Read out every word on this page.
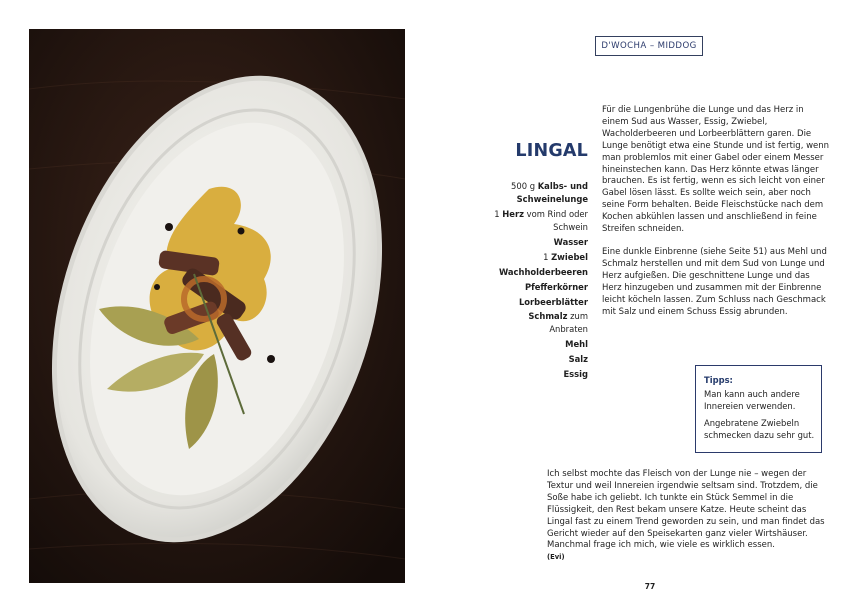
D'WOCHA – MIDDOG
LINGAL
500 g Kalbs- und Schweinelunge
1 Herz vom Rind oder Schwein
Wasser
1 Zwiebel
Wachholderbeeren
Pfefferkörner
Lorbeerblätter
Schmalz zum Anbraten
Mehl
Salz
Essig

Für die Lungenbrühe die Lunge und das Herz in einem Sud aus Wasser, Essig, Zwiebel, Wacholderbeeren und Lorbeerblättern garen. Die Lunge benötigt etwa eine Stunde und ist fertig, wenn man problemlos mit einer Gabel oder einem Messer hineinstechen kann. Das Herz könnte etwas länger brauchen. Es ist fertig, wenn es sich leicht von einer Gabel lösen lässt. Es sollte weich sein, aber noch seine Form behalten. Beide Fleischstücke nach dem Kochen abkühlen lassen und anschließend in feine Streifen schneiden.

Eine dunkle Einbrenne (siehe Seite 51) aus Mehl und Schmalz herstellen und mit dem Sud von Lunge und Herz aufgießen. Die geschnittene Lunge und das Herz hinzugeben und zusammen mit der Einbrenne leicht köcheln lassen. Zum Schluss nach Geschmack mit Salz und einem Schuss Essig abrunden.

Tipps:

Man kann auch andere Innereien verwenden.

Angebratene Zwiebeln schmecken dazu sehr gut.

Ich selbst mochte das Fleisch von der Lunge nie – wegen der Textur und weil Innereien irgendwie seltsam sind. Trotzdem, die Soße habe ich geliebt. Ich tunkte ein Stück Semmel in die Flüssigkeit, den Rest bekam unsere Katze. Heute scheint das Lingal fast zu einem Trend geworden zu sein, und man findet das Gericht wieder auf den Speisekarten ganz vieler Wirtshäuser. Manchmal frage ich mich, wie viele es wirklich essen.
(Evi)
77
